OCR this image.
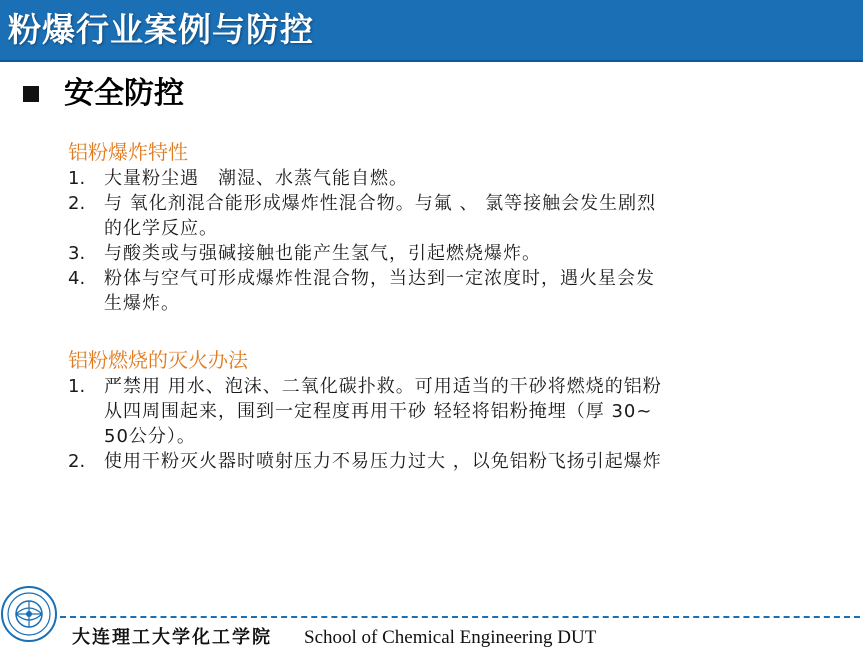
粉爆行业案例与防控
安全防控
铝粉爆炸特性
1.	大量粉尘遇　潮湿、水蒸气能自燃。
2.	与 氧化剂混合能形成爆炸性混合物。与氟 、 氯等接触会发生剧烈的化学反应。
3.	与酸类或与强碱接触也能产生氢气，引起燃烧爆炸。
4.	粉体与空气可形成爆炸性混合物，当达到一定浓度时，遇火星会发生爆炸。
铝粉燃烧的灭火办法
1.	严禁用 用水、泡沫、二氧化碳扑救。可用适当的干砂将燃烧的铝粉从四周围起来，围到一定程度再用干砂 轻轻将铝粉掩埋（厚 30~ 50公分）。
2.	使用干粉灭火器时喷射压力不易压力过大 ，以免铝粉飞扬引起爆炸
大连理工大学化工学院 School of Chemical Engineering DUT
